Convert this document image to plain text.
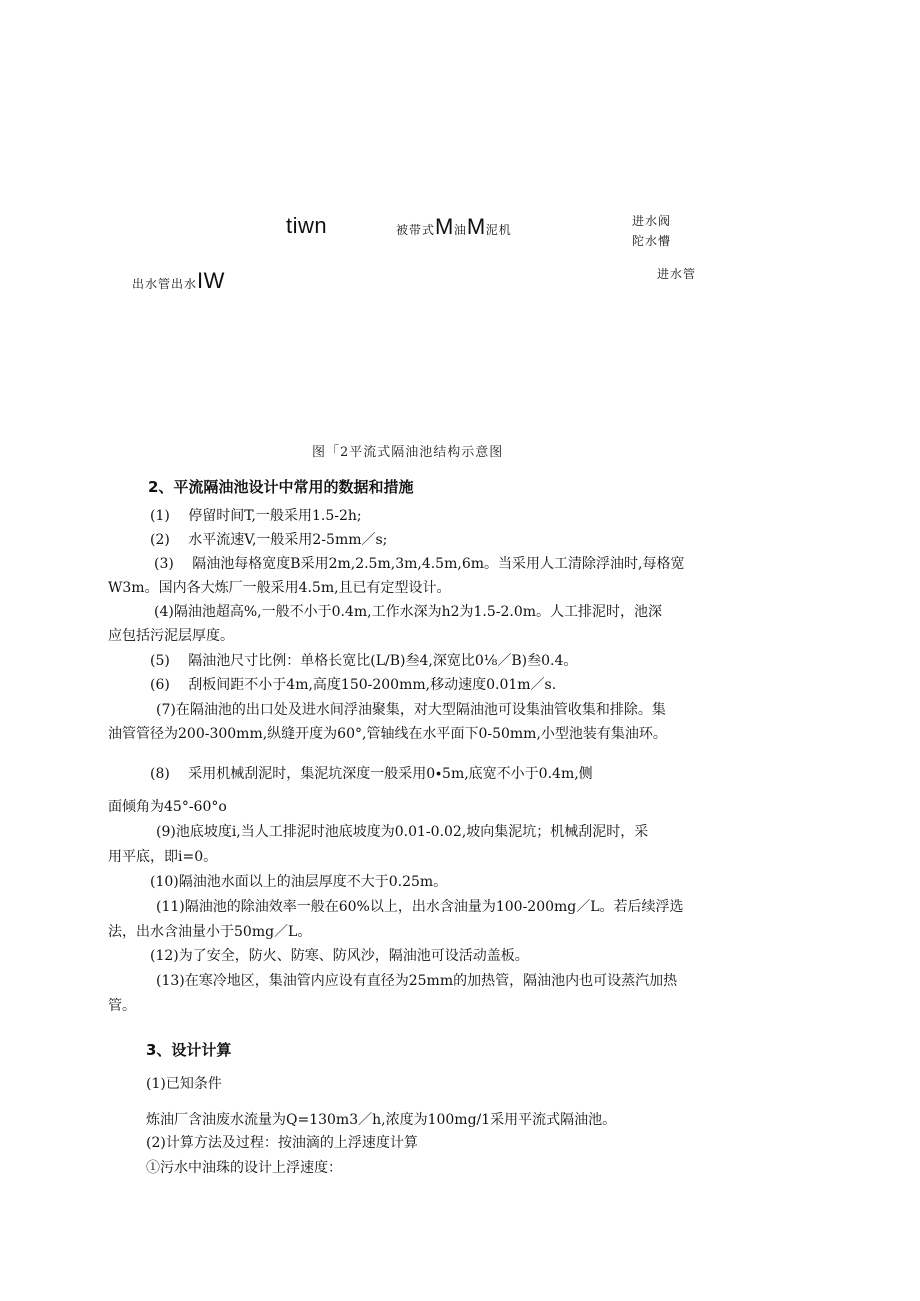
tiwn	被带式M油M泥机
进水阀
陀水懵
出水管出水IW	进水管
图「2平流式隔油池结构示意图
2、平流隔油池设计中常用的数据和措施
(1)　 停留时间T,一般采用1.5-2h;
(2)　 水平流速V,一般采用2-5mm／s;
(3)　 隔油池每格宽度B采用2m,2.5m,3m,4.5m,6m。当采用人工清除浮油时,每格宽
W3m。国内各大炼厂一般采用4.5m,且已有定型设计。
(4)隔油池超高%,一般不小于0.4m,工作水深为h2为1.5-2.0m。人工排泥时，池深
应包括污泥层厚度。
(5)　 隔油池尺寸比例：单格长宽比(L/B)叁4,深宽比0⅛／B)叁0.4。
(6)　 刮板间距不小于4m,高度150-200mm,移动速度0.01m／s.
(7)在隔油池的出口处及进水间浮油聚集，对大型隔油池可设集油管收集和排除。集
油管管径为200-300mm,纵缝开度为60°,管轴线在水平面下0-50mm,小型池装有集油环。
(8)　 采用机械刮泥时，集泥坑深度一般采用0∙5m,底宽不小于0.4m,侧
面倾角为45°-60°o
(9)池底坡度i,当人工排泥时池底坡度为0.01-0.02,坡向集泥坑；机械刮泥时，采
用平底，即i=0。
(10)隔油池水面以上的油层厚度不大于0.25m。
(11)隔油池的除油效率一般在60%以上，出水含油量为100-200mg／L。若后续浮选
法，出水含油量小于50mg／L。
(12)为了安全，防火、防寒、防风沙，隔油池可设活动盖板。
(13)在寒冷地区，集油管内应设有直径为25mm的加热管，隔油池内也可设蒸汽加热
管。
3、设计计算
(1)已知条件
炼油厂含油废水流量为Q=130m3／h,浓度为100mg/1采用平流式隔油池。
(2)计算方法及过程：按油滴的上浮速度计算
①污水中油珠的设计上浮速度：
